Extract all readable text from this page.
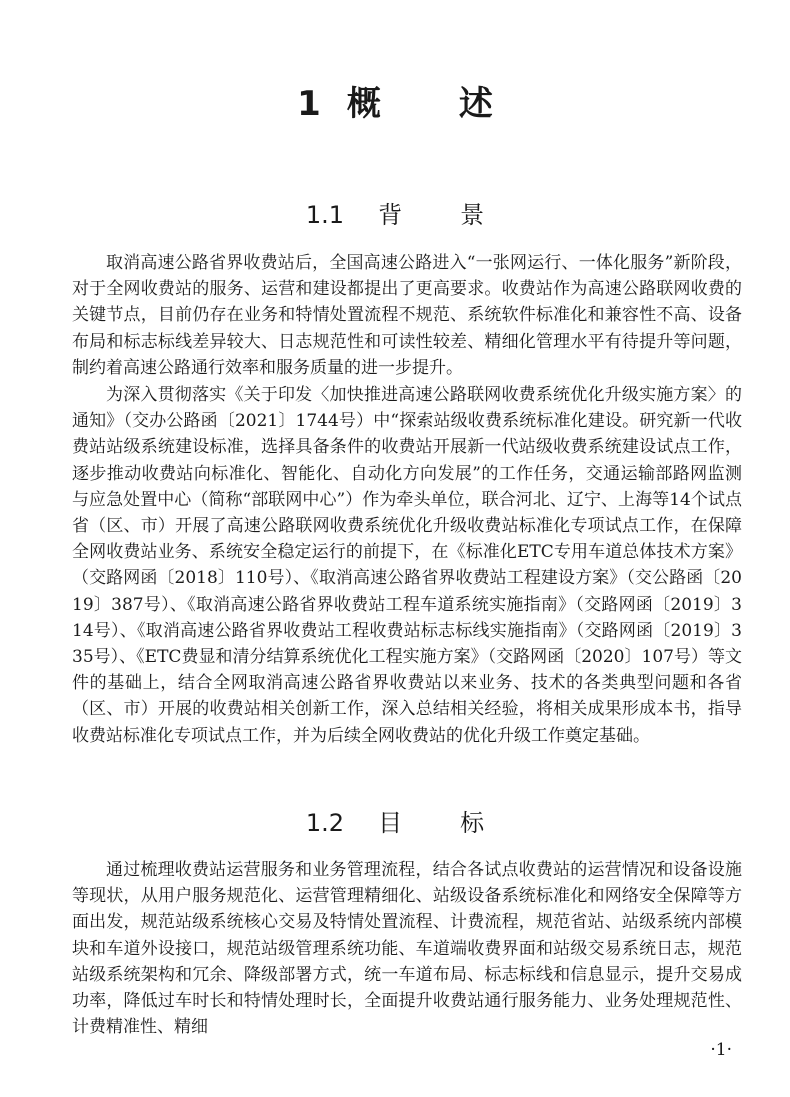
1 概 述
1.1 背 景

取消高速公路省界收费站后，全国高速公路进入“一张网运行、一体化服务”新阶段，对于全网收费站的服务、运营和建设都提出了更高要求。收费站作为高速公路联网收费的关键节点，目前仍存在业务和特情处置流程不规范、系统软件标准化和兼容性不高、设备布局和标志标线差异较大、日志规范性和可读性较差、精细化管理水平有待提升等问题，制约着高速公路通行效率和服务质量的进一步提升。

为深入贯彻落实《关于印发〈加快推进高速公路联网收费系统优化升级实施方案〉的通知》（交办公路函〔2021〕1744号）中“探索站级收费系统标准化建设。研究新一代收费站站级系统建设标准，选择具备条件的收费站开展新一代站级收费系统建设试点工作，逐步推动收费站向标准化、智能化、自动化方向发展”的工作任务，交通运输部路网监测与应急处置中心（简称“部联网中心”）作为牵头单位，联合河北、辽宁、上海等14个试点省（区、市）开展了高速公路联网收费系统优化升级收费站标准化专项试点工作，在保障全网收费站业务、系统安全稳定运行的前提下，在《标准化ETC专用车道总体技术方案》（交路网函〔2018〕110号）、《取消高速公路省界收费站工程建设方案》（交公路函〔2019〕387号）、《取消高速公路省界收费站工程车道系统实施指南》（交路网函〔2019〕314号）、《取消高速公路省界收费站工程收费站标志标线实施指南》（交路网函〔2019〕335号）、《ETC费显和清分结算系统优化工程实施方案》（交路网函〔2020〕107号）等文件的基础上，结合全网取消高速公路省界收费站以来业务、技术的各类典型问题和各省（区、市）开展的收费站相关创新工作，深入总结相关经验，将相关成果形成本书，指导收费站标准化专项试点工作，并为后续全网收费站的优化升级工作奠定基础。

1.2 目 标

通过梳理收费站运营服务和业务管理流程，结合各试点收费站的运营情况和设备设施等现状，从用户服务规范化、运营管理精细化、站级设备系统标准化和网络安全保障等方面出发，规范站级系统核心交易及特情处置流程、计费流程，规范省站、站级系统内部模块和车道外设接口，规范站级管理系统功能、车道端收费界面和站级交易系统日志，规范站级系统架构和冗余、降级部署方式，统一车道布局、标志标线和信息显示，提升交易成功率，降低过车时长和特情处理时长，全面提升收费站通行服务能力、业务处理规范性、计费精准性、精细

·1·
